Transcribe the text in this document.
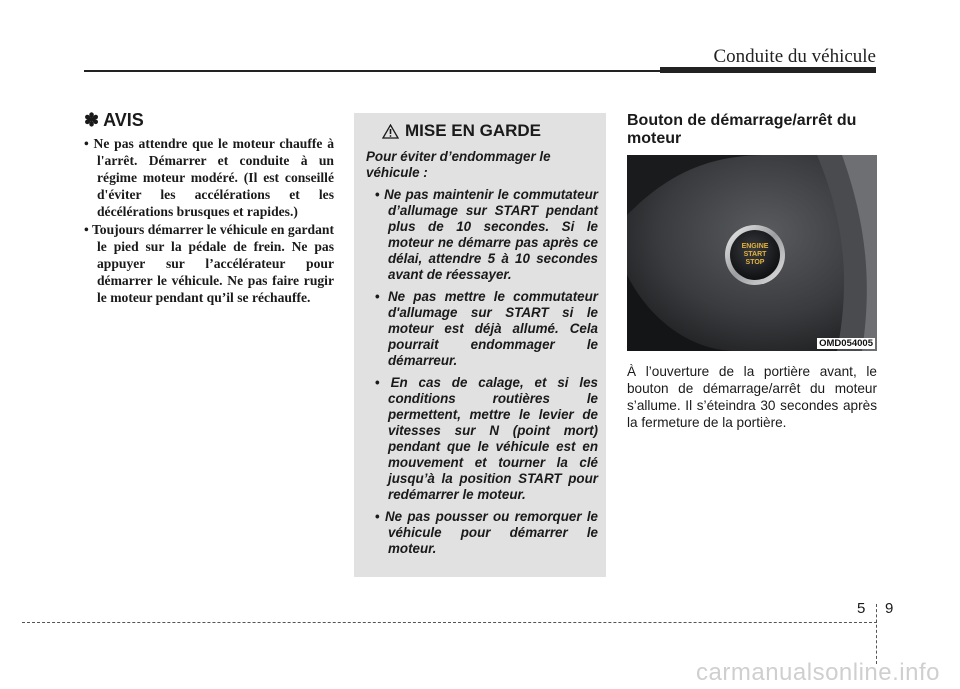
Conduite du véhicule
✽ AVIS
• Ne pas attendre que le moteur chauffe à l'arrêt. Démarrer et conduite à un régime moteur modéré. (Il est conseillé d'éviter les accélérations et les décélérations brusques et rapides.)
• Toujours démarrer le véhicule en gardant le pied sur la pédale de frein. Ne pas appuyer sur l’accélérateur pour démarrer le véhicule. Ne pas faire rugir le moteur pendant qu’il se réchauffe.
MISE EN GARDE

Pour éviter d’endommager le véhicule :

• Ne pas maintenir le commutateur d’allumage sur START pendant plus de 10 secondes. Si le moteur ne démarre pas après ce délai, attendre 5 à 10 secondes avant de réessayer.
• Ne pas mettre le commutateur d'allumage sur START si le moteur est déjà allumé. Cela pourrait endommager le démarreur.
• En cas de calage, et si les conditions routières le permettent, mettre le levier de vitesses sur N (point mort) pendant que le véhicule est en mouvement et tourner la clé jusqu’à la position START pour redémarrer le moteur.
• Ne pas pousser ou remorquer le véhicule pour démarrer le moteur.
Bouton de démarrage/arrêt du moteur
ENGINE
START
STOP
OMD054005

À l’ouverture de la portière avant, le bouton de démarrage/arrêt du moteur s’allume. Il s’éteindra 30 secondes après la fermeture de la portière.

5 9
carmanualsonline.info
